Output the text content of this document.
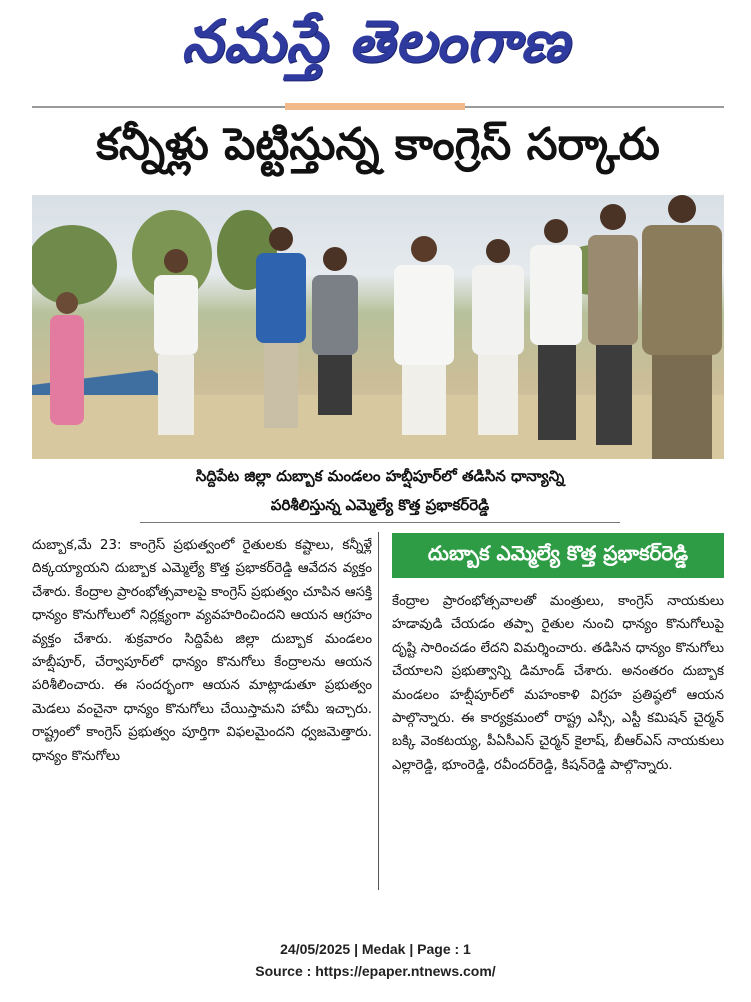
నమస్తే తెలంగాణ
కన్నీళ్లు పెట్టిస్తున్న కాంగ్రెస్ సర్కారు
సిద్దిపేట జిల్లా దుబ్బాక మండలం హబ్షీపూర్‌లో తడిసిన ధాన్యాన్ని
పరిశీలిస్తున్న ఎమ్మెల్యే కొత్త ప్రభాకర్‌రెడ్డి
దుబ్బాక,మే 23: కాంగ్రెస్ ప్రభుత్వంలో రైతులకు కష్టాలు, కన్నీళ్లే దిక్కయ్యాయని దుబ్బాక ఎమ్మెల్యే కొత్త ప్రభాకర్‌రెడ్డి ఆవేదన వ్యక్తం చేశారు. కేంద్రాల ప్రారంభోత్సవాలపై కాంగ్రెస్ ప్రభుత్వం చూపిన ఆసక్తి ధాన్యం కొనుగోలులో నిర్లక్ష్యంగా వ్యవహరించిందని ఆయన ఆగ్రహం వ్యక్తం చేశారు. శుక్రవారం సిద్దిపేట జిల్లా దుబ్బాక మండలం హబ్షీపూర్, చేర్వాపూర్‌లో ధాన్యం కొనుగోలు కేంద్రాలను ఆయన పరిశీలించారు. ఈ సందర్భంగా ఆయన మాట్లాడుతూ ప్రభుత్వం మెడలు వంచైనా ధాన్యం కొనుగోలు చేయిస్తామని హామీ ఇచ్చారు. రాష్ట్రంలో కాంగ్రెస్ ప్రభుత్వం పూర్తిగా విఫలమైందని ధ్వజమెత్తారు. ధాన్యం కొనుగోలు
దుబ్బాక ఎమ్మెల్యే కొత్త ప్రభాకర్‌రెడ్డి
కేంద్రాల ప్రారంభోత్సవాలతో మంత్రులు, కాంగ్రెస్ నాయకులు హడావుడి చేయడం తప్పా రైతుల నుంచి ధాన్యం కొనుగోలుపై దృష్టి సారించడం లేదని విమర్శించారు. తడిసిన ధాన్యం కొనుగోలు చేయాలని ప్రభుత్వాన్ని డిమాండ్ చేశారు. అనంతరం దుబ్బాక మండలం హబ్షీపూర్‌లో మహంకాళి విగ్రహ ప్రతిష్ఠలో ఆయన పాల్గొన్నారు. ఈ కార్యక్రమంలో రాష్ట్ర ఎస్సీ, ఎస్టీ కమిషన్ చైర్మన్ బక్కి వెంకటయ్య, పీఏసీఎస్ చైర్మన్ కైలాష్, బీఆర్‌ఎస్ నాయకులు ఎల్లారెడ్డి, భూంరెడ్డి, రవీందర్‌రెడ్డి, కిషన్‌రెడ్డి పాల్గొన్నారు.
24/05/2025 | Medak | Page : 1
Source : https://epaper.ntnews.com/
